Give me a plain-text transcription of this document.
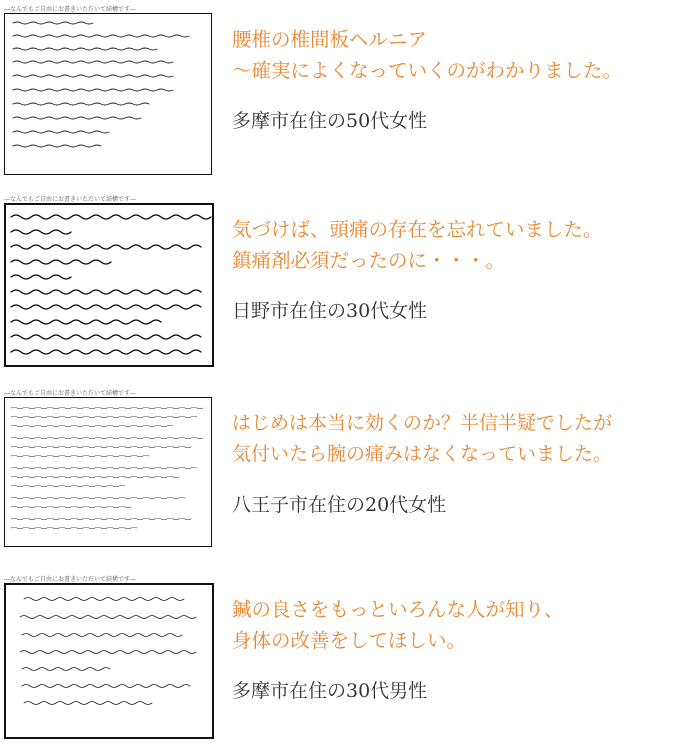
—なんでもご自由にお書きいただいて結構です—
腰椎の椎間板ヘルニア
〜確実によくなっていくのがわかりました。
多摩市在住の50代女性
—なんでもご自由にお書きいただいて結構です—
気づけば、頭痛の存在を忘れていました。
鎮痛剤必須だったのに・・・。
日野市在住の30代女性
—なんでもご自由にお書きいただいて結構です—
はじめは本当に効くのか？半信半疑でしたが
気付いたら腕の痛みはなくなっていました。
八王子市在住の20代女性
—なんでもご自由にお書きいただいて結構です—
鍼の良さをもっといろんな人が知り、
身体の改善をしてほしい。
多摩市在住の30代男性
